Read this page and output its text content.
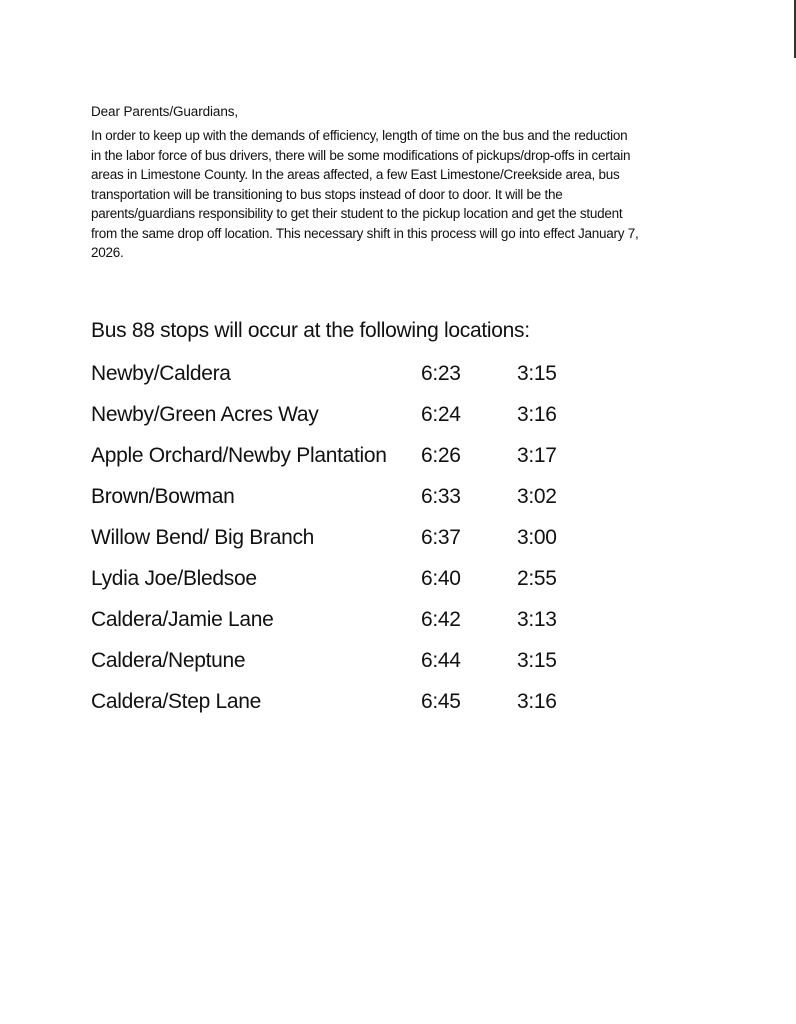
Dear Parents/Guardians,
In order to keep up with the demands of efficiency, length of time on the bus and the reduction
in the labor force of bus drivers, there will be some modifications of pickups/drop-offs in certain
areas in Limestone County. In the areas affected, a few East Limestone/Creekside area, bus
transportation will be transitioning to bus stops instead of door to door. It will be the
parents/guardians responsibility to get their student to the pickup location and get the student
from the same drop off location. This necessary shift in this process will go into effect January 7,
2026.
Bus 88 stops will occur at the following locations:
Newby/Caldera	6:23	3:15
Newby/Green Acres Way	6:24	3:16
Apple Orchard/Newby Plantation 6:26	3:17
Brown/Bowman	6:33	3:02
Willow Bend/ Big Branch	6:37	3:00
Lydia Joe/Bledsoe	6:40	2:55
Caldera/Jamie Lane	6:42	3:13
Caldera/Neptune	6:44	3:15
Caldera/Step Lane	6:45	3:16
